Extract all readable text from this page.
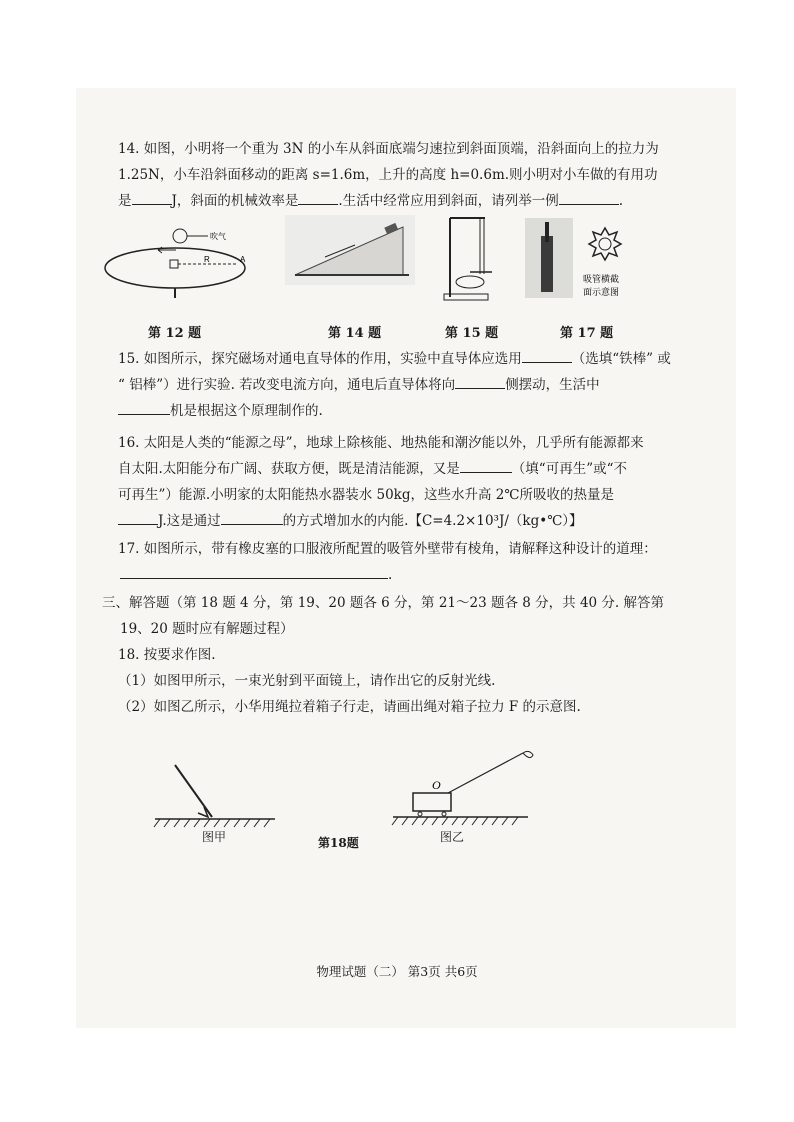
14. 如图，小明将一个重为 3N 的小车从斜面底端匀速拉到斜面顶端，沿斜面向上的拉力为

1.25N，小车沿斜面移动的距离 s=1.6m，上升的高度 h=0.6m.则小明对小车做的有用功

是	J，斜面的机械效率是	.生活中经常应用到斜面，请列举一例	.

A
R
吹气
吸管横截
面示意图
第 12 题	第 14 题	第 15 题	第 17 题

15. 如图所示，探究磁场对通电直导体的作用，实验中直导体应选用	（选填“铁棒” 或

“ 铝棒”）进行实验. 若改变电流方向，通电后直导体将向	侧摆动，生活中

机是根据这个原理制作的.

16. 太阳是人类的“能源之母”，地球上除核能、地热能和潮汐能以外，几乎所有能源都来

自太阳.太阳能分布广阔、获取方便，既是清洁能源，又是	（填“可再生”或“不

可再生”）能源.小明家的太阳能热水器装水 50kg，这些水升高 2℃所吸收的热量是

J.这是通过	的方式增加水的内能.【C=4.2×10³J/（kg•℃）】

17. 如图所示，带有橡皮塞的口服液所配置的吸管外壁带有棱角，请解释这种设计的道理：

.

三、解答题（第 18 题 4 分，第 19、20 题各 6 分，第 21～23 题各 8 分，共 40 分. 解答第

19、20 题时应有解题过程）

18. 按要求作图.

（1）如图甲所示，一束光射到平面镜上，请作出它的反射光线.

（2）如图乙所示，小华用绳拉着箱子行走，请画出绳对箱子拉力 F 的示意图.

图甲	第18题
O
图乙
物理试题（二） 第3页 共6页
